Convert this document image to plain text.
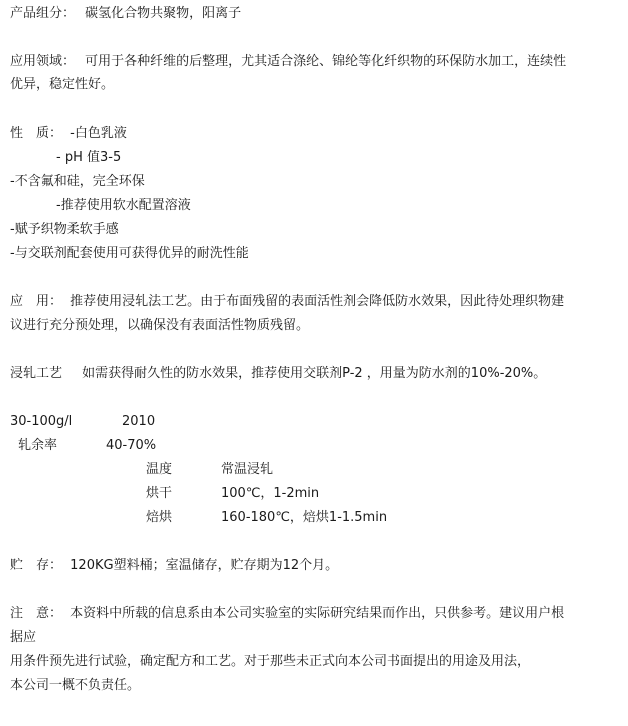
产品组分： 碳氢化合物共聚物，阳离子
应用领域： 可用于各种纤维的后整理，尤其适合涤纶、锦纶等化纤织物的环保防水加工，连续性
优异，稳定性好。
性　质： -白色乳液
- pH 值3-5
-不含氟和硅，完全环保
-推荐使用软水配置溶液
-赋予织物柔软手感
-与交联剂配套使用可获得优异的耐洗性能
应　用： 推荐使用浸轧法工艺。由于布面残留的表面活性剂会降低防水效果，因此待处理织物建
议进行充分预处理，以确保没有表面活性物质残留。
浸轧工艺 如需获得耐久性的防水效果，推荐使用交联剂P-2 ，用量为防水剂的10%-20%。
30-100g/l	2010
轧余率	40-70%
温度	常温浸轧
烘干	100℃，1-2min
焙烘	160-180℃，焙烘1-1.5min
贮　存： 120KG塑料桶；室温储存，贮存期为12个月。
注　意： 本资料中所载的信息系由本公司实验室的实际研究结果而作出，只供参考。建议用户根
据应
用条件预先进行试验，确定配方和工艺。对于那些未正式向本公司书面提出的用途及用法，
本公司一概不负责任。
